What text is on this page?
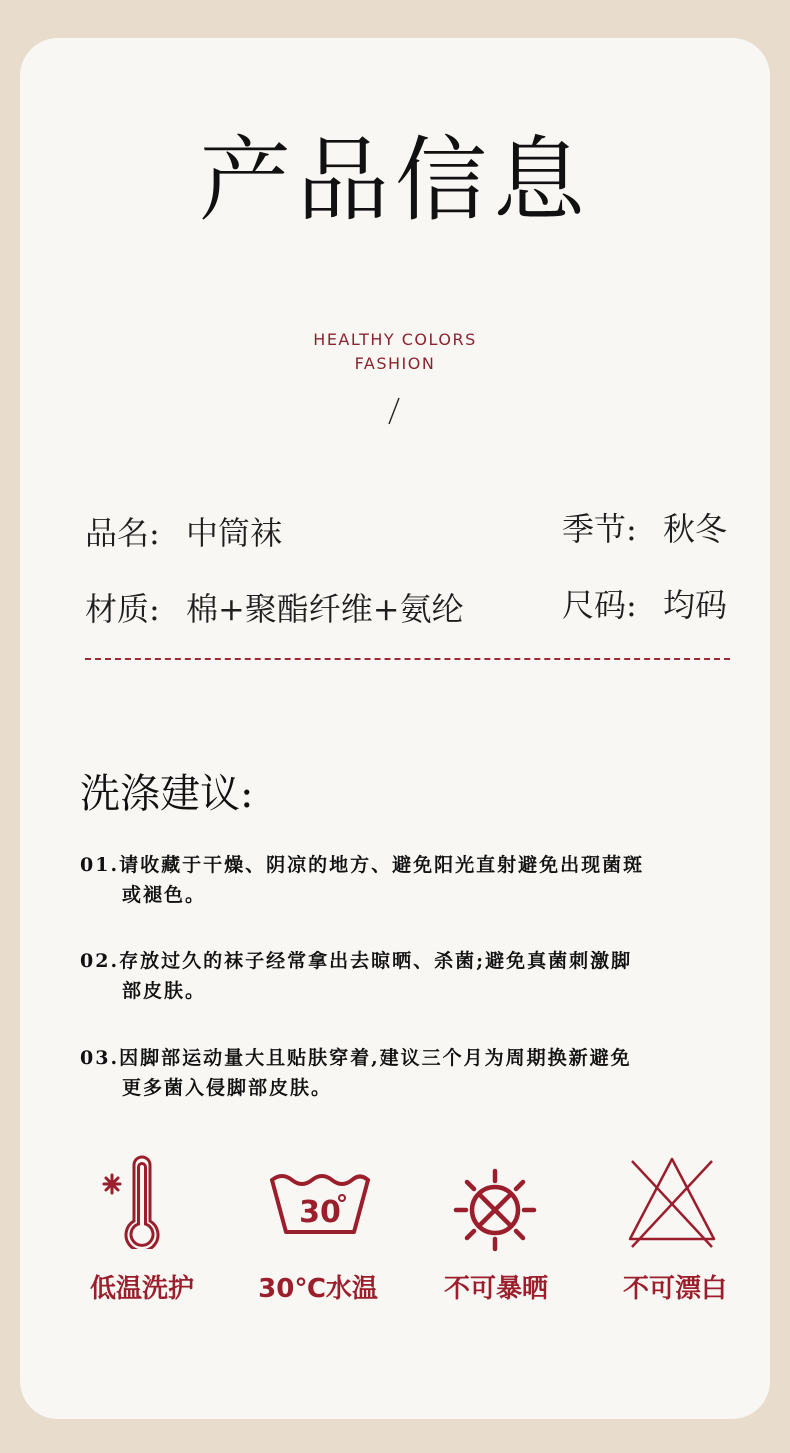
产品信息
HEALTHY COLORS
FASHION
品名: 中筒袜	季节: 秋冬
材质: 棉+聚酯纤维+氨纶	尺码: 均码
洗涤建议:
01.请收藏于干燥、阴凉的地方、避免阳光直射避免出现菌斑
或褪色。
02.存放过久的袜子经常拿出去晾晒、杀菌;避免真菌刺激脚
部皮肤。
03.因脚部运动量大且贴肤穿着,建议三个月为周期换新避免
更多菌入侵脚部皮肤。
30
低温洗护	30℃水温	不可暴晒	不可漂白
